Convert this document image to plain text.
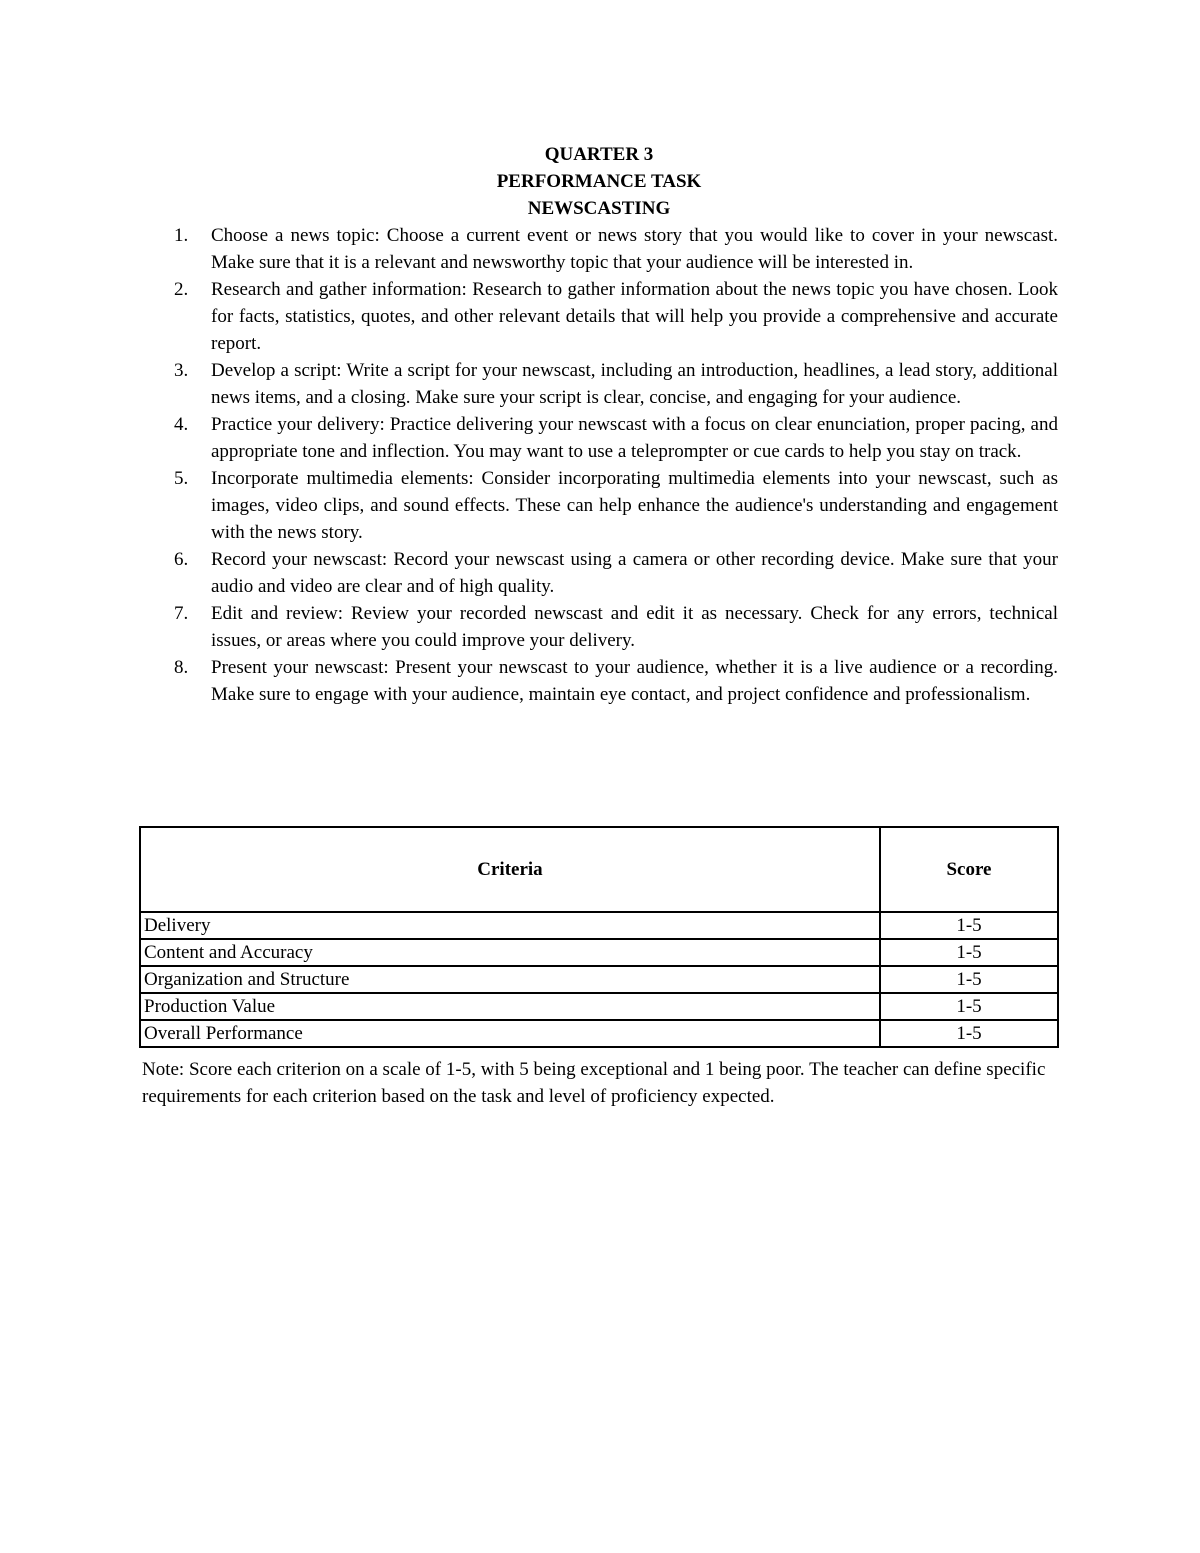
QUARTER 3
PERFORMANCE TASK
NEWSCASTING
1. Choose a news topic: Choose a current event or news story that you would like to cover in your newscast. Make sure that it is a relevant and newsworthy topic that your audience will be interested in.
2. Research and gather information: Research to gather information about the news topic you have chosen. Look for facts, statistics, quotes, and other relevant details that will help you provide a comprehensive and accurate report.
3. Develop a script: Write a script for your newscast, including an introduction, headlines, a lead story, additional news items, and a closing. Make sure your script is clear, concise, and engaging for your audience.
4. Practice your delivery: Practice delivering your newscast with a focus on clear enunciation, proper pacing, and appropriate tone and inflection. You may want to use a teleprompter or cue cards to help you stay on track.
5. Incorporate multimedia elements: Consider incorporating multimedia elements into your newscast, such as images, video clips, and sound effects. These can help enhance the audience's understanding and engagement with the news story.
6. Record your newscast: Record your newscast using a camera or other recording device. Make sure that your audio and video are clear and of high quality.
7. Edit and review: Review your recorded newscast and edit it as necessary. Check for any errors, technical issues, or areas where you could improve your delivery.
8. Present your newscast: Present your newscast to your audience, whether it is a live audience or a recording. Make sure to engage with your audience, maintain eye contact, and project confidence and professionalism.
Criteria	Score
Delivery	1-5
Content and Accuracy	1-5
Organization and Structure	1-5
Production Value	1-5
Overall Performance	1-5
Note: Score each criterion on a scale of 1-5, with 5 being exceptional and 1 being poor. The teacher can define specific requirements for each criterion based on the task and level of proficiency expected.
